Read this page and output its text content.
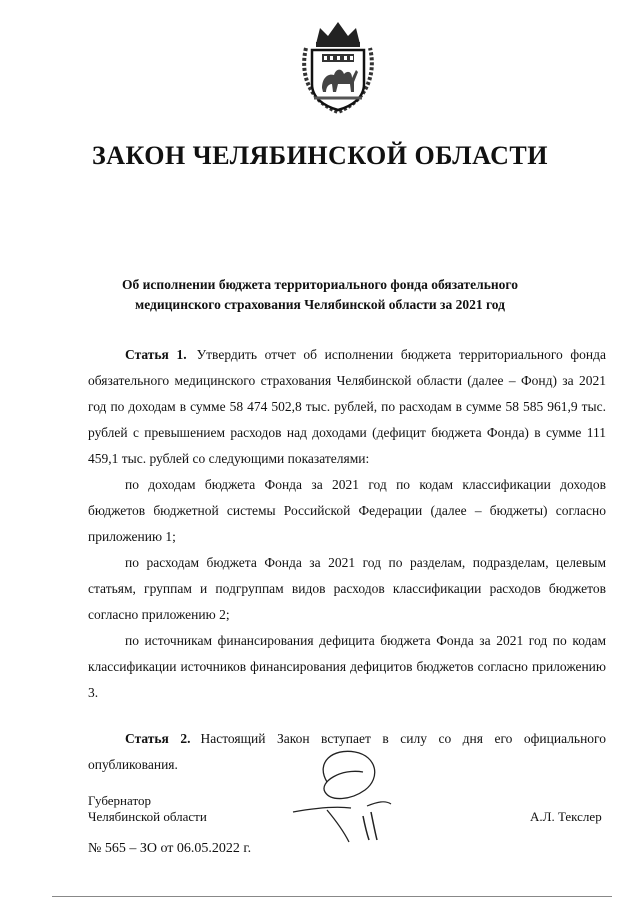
ЗАКОН ЧЕЛЯБИНСКОЙ ОБЛАСТИ
Об исполнении бюджета территориального фонда обязательного
медицинского страхования Челябинской области за 2021 год

Статья 1. Утвердить отчет об исполнении бюджета территориального фонда обязательного медицинского страхования Челябинской области (далее – Фонд) за 2021 год по доходам в сумме 58 474 502,8 тыс. рублей, по расходам в сумме 58 585 961,9 тыс. рублей с превышением расходов над доходами (дефицит бюджета Фонда) в сумме 111 459,1 тыс. рублей со следующими показателями:

по доходам бюджета Фонда за 2021 год по кодам классификации доходов бюджетов бюджетной системы Российской Федерации (далее – бюджеты) согласно приложению 1;

по расходам бюджета Фонда за 2021 год по разделам, подразделам, целевым статьям, группам и подгруппам видов расходов классификации расходов бюджетов согласно приложению 2;

по источникам финансирования дефицита бюджета Фонда за 2021 год по кодам классификации источников финансирования дефицитов бюджетов согласно приложению 3.

Статья 2. Настоящий Закон вступает в силу со дня его официального опубликования.

Губернатор
Челябинской области	А.Л. Текслер
№ 565 – ЗО от 06.05.2022 г.
